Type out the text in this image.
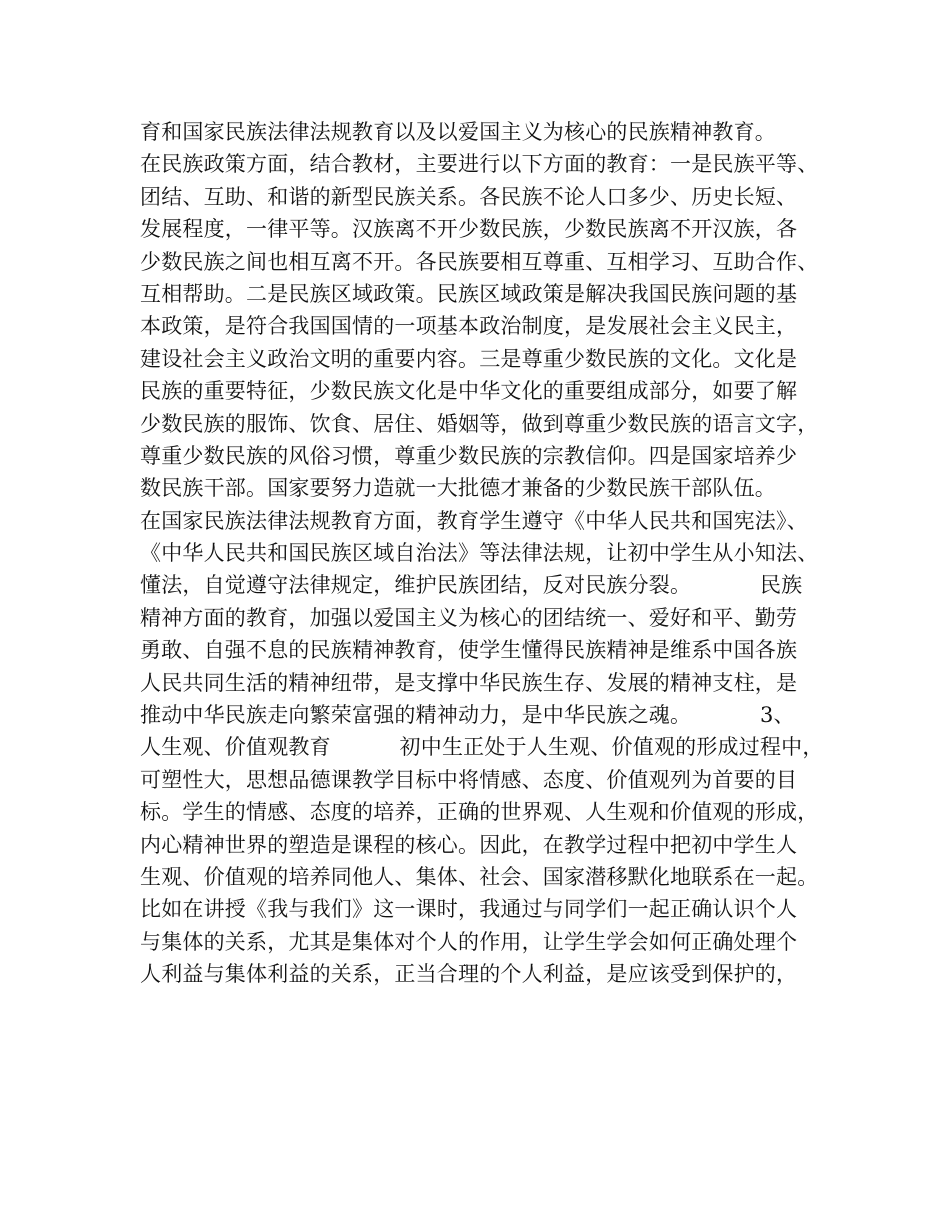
育和国家民族法律法规教育以及以爱国主义为核心的民族精神教育。
在民族政策方面，结合教材，主要进行以下方面的教育：一是民族平等、
团结、互助、和谐的新型民族关系。各民族不论人口多少、历史长短、
发展程度，一律平等。汉族离不开少数民族，少数民族离不开汉族，各
少数民族之间也相互离不开。各民族要相互尊重、互相学习、互助合作、
互相帮助。二是民族区域政策。民族区域政策是解决我国民族问题的基
本政策，是符合我国国情的一项基本政治制度，是发展社会主义民主，
建设社会主义政治文明的重要内容。三是尊重少数民族的文化。文化是
民族的重要特征，少数民族文化是中华文化的重要组成部分，如要了解
少数民族的服饰、饮食、居住、婚姻等，做到尊重少数民族的语言文字，
尊重少数民族的风俗习惯，尊重少数民族的宗教信仰。四是国家培养少
数民族干部。国家要努力造就一大批德才兼备的少数民族干部队伍。
在国家民族法律法规教育方面，教育学生遵守《中华人民共和国宪法》、
《中华人民共和国民族区域自治法》等法律法规，让初中学生从小知法、
懂法，自觉遵守法律规定，维护民族团结，反对民族分裂。          民族
精神方面的教育，加强以爱国主义为核心的团结统一、爱好和平、勤劳
勇敢、自强不息的民族精神教育，使学生懂得民族精神是维系中国各族
人民共同生活的精神纽带，是支撑中华民族生存、发展的精神支柱，是
推动中华民族走向繁荣富强的精神动力，是中华民族之魂。          3、
人生观、价值观教育          初中生正处于人生观、价值观的形成过程中，
可塑性大，思想品德课教学目标中将情感、态度、价值观列为首要的目
标。学生的情感、态度的培养，正确的世界观、人生观和价值观的形成，
内心精神世界的塑造是课程的核心。因此，在教学过程中把初中学生人
生观、价值观的培养同他人、集体、社会、国家潜移默化地联系在一起。
比如在讲授《我与我们》这一课时，我通过与同学们一起正确认识个人
与集体的关系，尤其是集体对个人的作用，让学生学会如何正确处理个
人利益与集体利益的关系，正当合理的个人利益，是应该受到保护的，
